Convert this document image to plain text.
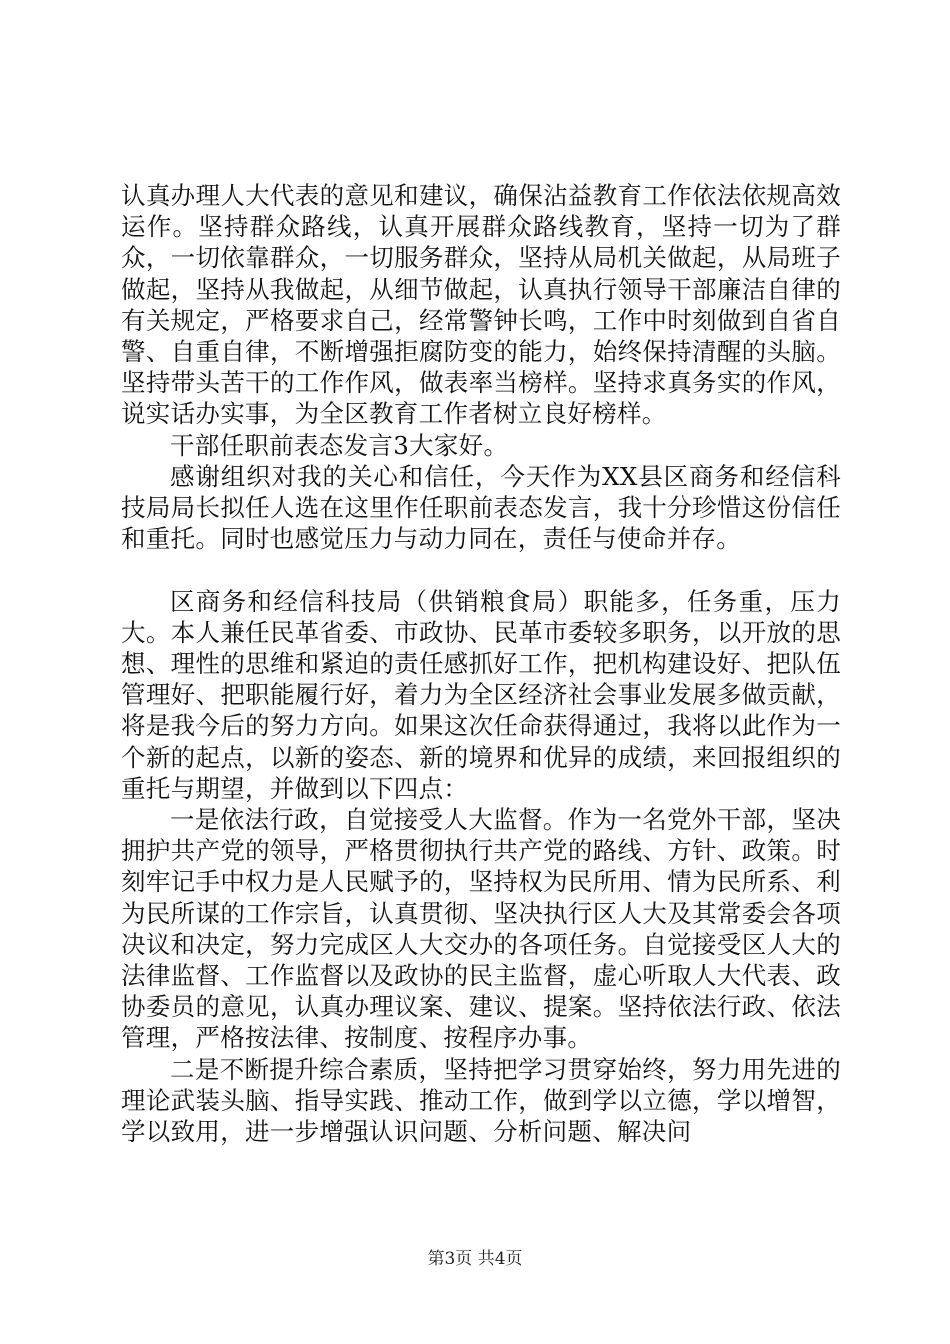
认真办理人大代表的意见和建议，确保沾益教育工作依法依规高效运作。坚持群众路线，认真开展群众路线教育，坚持一切为了群众，一切依靠群众，一切服务群众，坚持从局机关做起，从局班子做起，坚持从我做起，从细节做起，认真执行领导干部廉洁自律的有关规定，严格要求自己，经常警钟长鸣，工作中时刻做到自省自警、自重自律，不断增强拒腐防变的能力，始终保持清醒的头脑。坚持带头苦干的工作作风，做表率当榜样。坚持求真务实的作风，说实话办实事，为全区教育工作者树立良好榜样。

干部任职前表态发言3大家好。

感谢组织对我的关心和信任，今天作为XX县区商务和经信科技局局长拟任人选在这里作任职前表态发言，我十分珍惜这份信任和重托。同时也感觉压力与动力同在，责任与使命并存。

区商务和经信科技局（供销粮食局）职能多，任务重，压力大。本人兼任民革省委、市政协、民革市委较多职务，以开放的思想、理性的思维和紧迫的责任感抓好工作，把机构建设好、把队伍管理好、把职能履行好，着力为全区经济社会事业发展多做贡献，将是我今后的努力方向。如果这次任命获得通过，我将以此作为一个新的起点，以新的姿态、新的境界和优异的成绩，来回报组织的重托与期望，并做到以下四点：

一是依法行政，自觉接受人大监督。作为一名党外干部，坚决拥护共产党的领导，严格贯彻执行共产党的路线、方针、政策。时刻牢记手中权力是人民赋予的，坚持权为民所用、情为民所系、利为民所谋的工作宗旨，认真贯彻、坚决执行区人大及其常委会各项决议和决定，努力完成区人大交办的各项任务。自觉接受区人大的法律监督、工作监督以及政协的民主监督，虚心听取人大代表、政协委员的意见，认真办理议案、建议、提案。坚持依法行政、依法管理，严格按法律、按制度、按程序办事。

二是不断提升综合素质，坚持把学习贯穿始终，努力用先进的理论武装头脑、指导实践、推动工作，做到学以立德，学以增智，学以致用，进一步增强认识问题、分析问题、解决问

第3页 共4页
